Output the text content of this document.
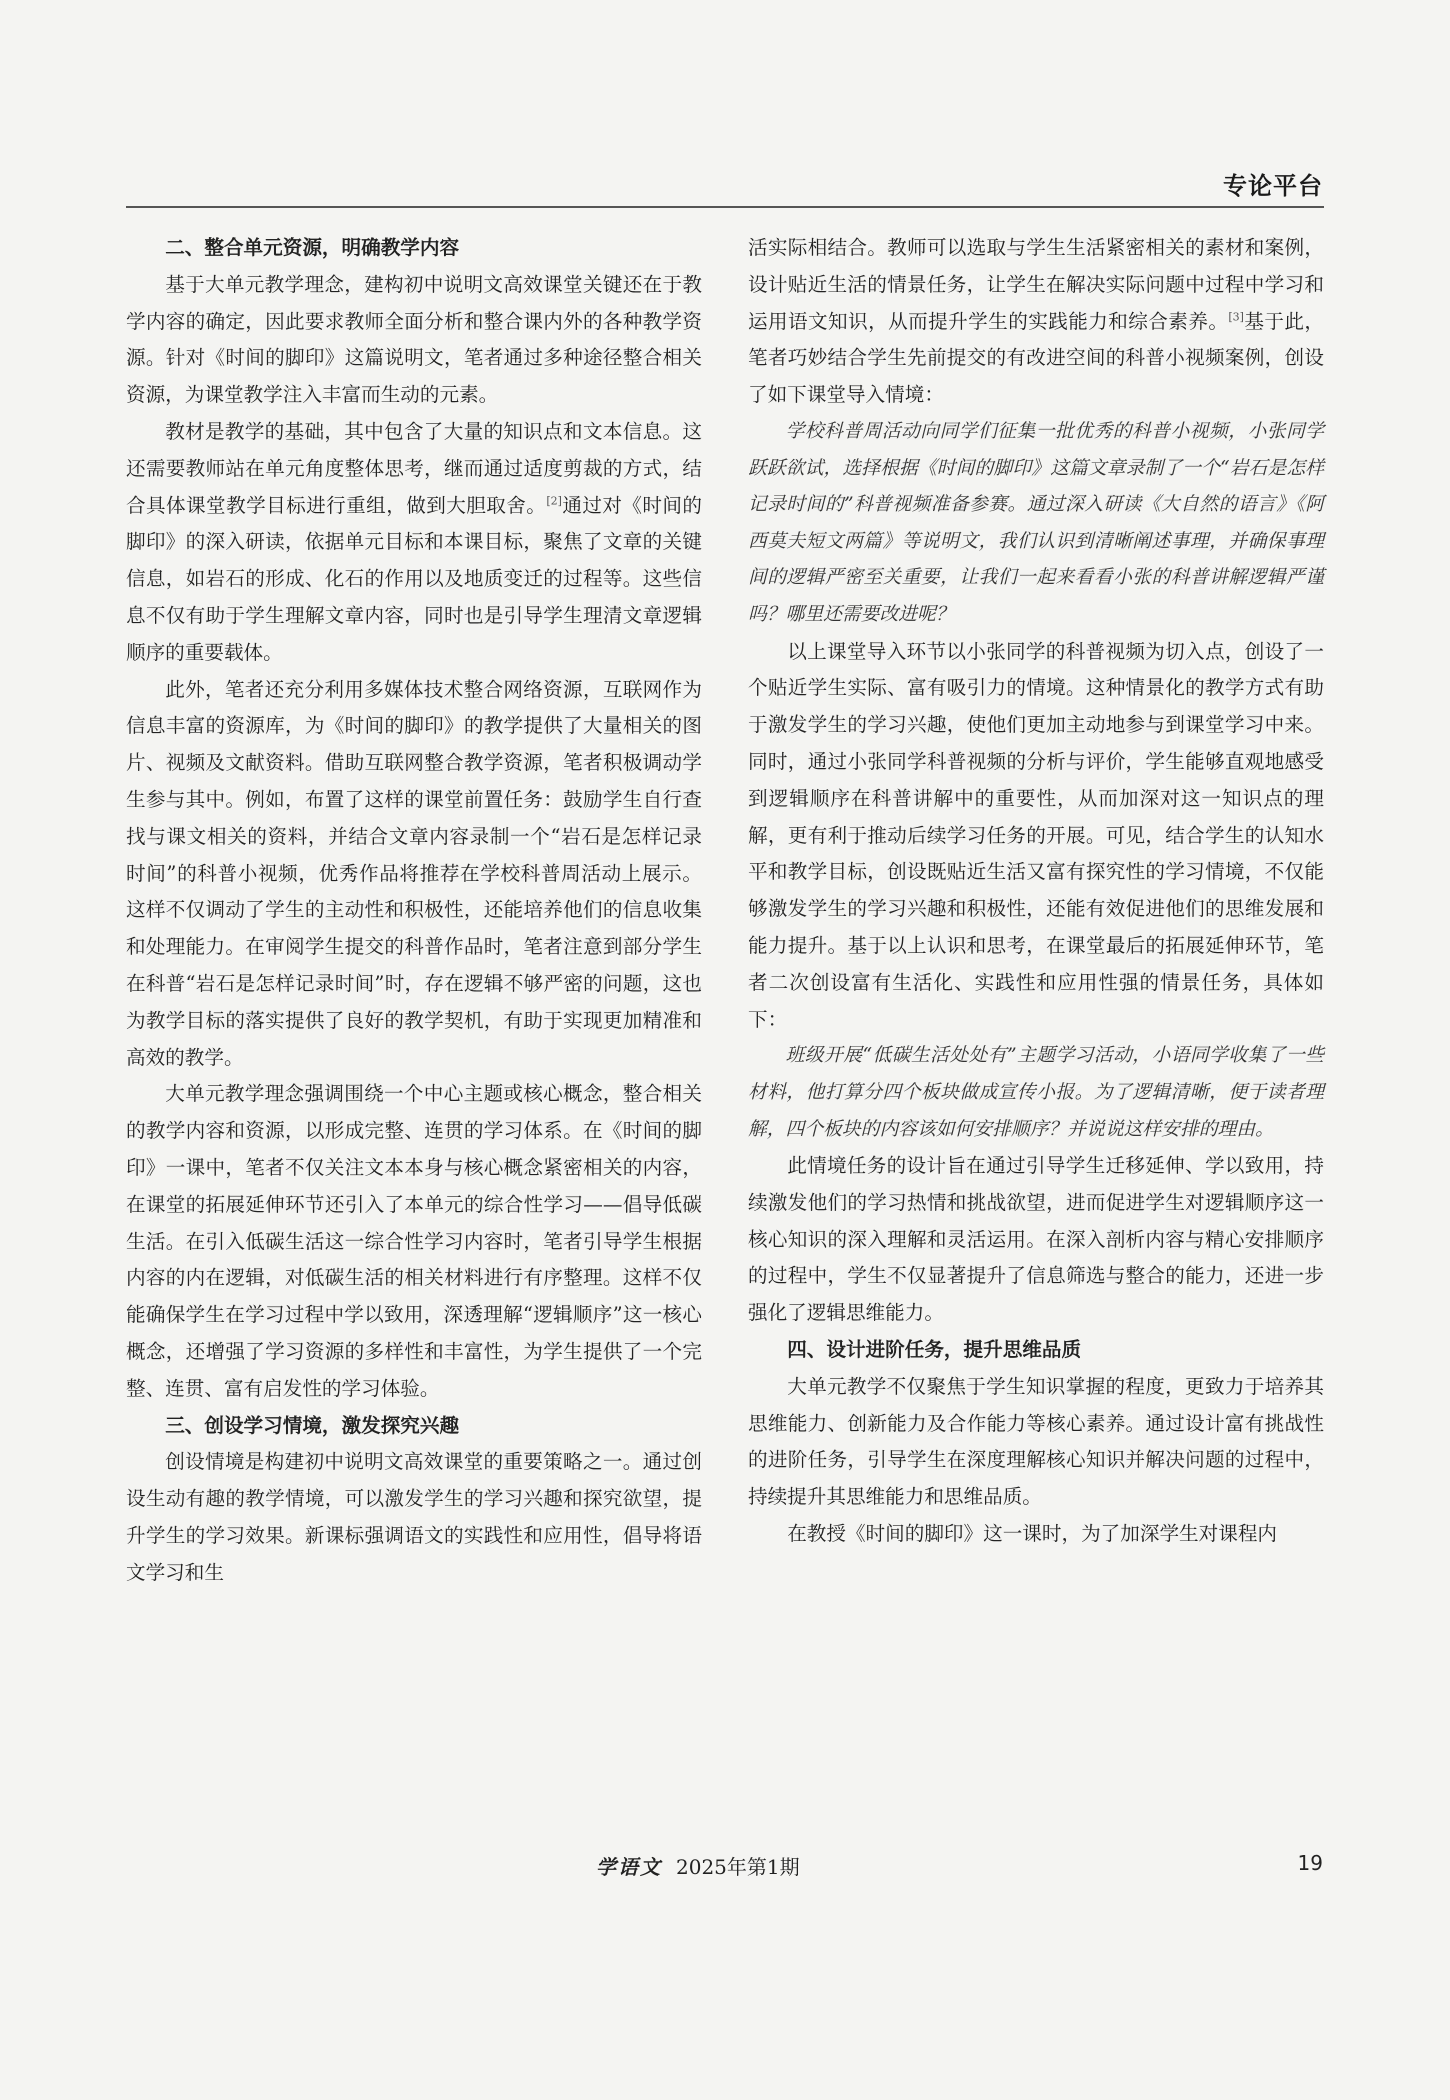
专论平台
二、整合单元资源，明确教学内容

基于大单元教学理念，建构初中说明文高效课堂关键还在于教学内容的确定，因此要求教师全面分析和整合课内外的各种教学资源。针对《时间的脚印》这篇说明文，笔者通过多种途径整合相关资源，为课堂教学注入丰富而生动的元素。

教材是教学的基础，其中包含了大量的知识点和文本信息。这还需要教师站在单元角度整体思考，继而通过适度剪裁的方式，结合具体课堂教学目标进行重组，做到大胆取舍。[2]通过对《时间的脚印》的深入研读，依据单元目标和本课目标，聚焦了文章的关键信息，如岩石的形成、化石的作用以及地质变迁的过程等。这些信息不仅有助于学生理解文章内容，同时也是引导学生理清文章逻辑顺序的重要载体。

此外，笔者还充分利用多媒体技术整合网络资源，互联网作为信息丰富的资源库，为《时间的脚印》的教学提供了大量相关的图片、视频及文献资料。借助互联网整合教学资源，笔者积极调动学生参与其中。例如，布置了这样的课堂前置任务：鼓励学生自行查找与课文相关的资料，并结合文章内容录制一个“岩石是怎样记录时间”的科普小视频，优秀作品将推荐在学校科普周活动上展示。这样不仅调动了学生的主动性和积极性，还能培养他们的信息收集和处理能力。在审阅学生提交的科普作品时，笔者注意到部分学生在科普“岩石是怎样记录时间”时，存在逻辑不够严密的问题，这也为教学目标的落实提供了良好的教学契机，有助于实现更加精准和高效的教学。

大单元教学理念强调围绕一个中心主题或核心概念，整合相关的教学内容和资源，以形成完整、连贯的学习体系。在《时间的脚印》一课中，笔者不仅关注文本本身与核心概念紧密相关的内容，在课堂的拓展延伸环节还引入了本单元的综合性学习——倡导低碳生活。在引入低碳生活这一综合性学习内容时，笔者引导学生根据内容的内在逻辑，对低碳生活的相关材料进行有序整理。这样不仅能确保学生在学习过程中学以致用，深透理解“逻辑顺序”这一核心概念，还增强了学习资源的多样性和丰富性，为学生提供了一个完整、连贯、富有启发性的学习体验。

三、创设学习情境，激发探究兴趣

创设情境是构建初中说明文高效课堂的重要策略之一。通过创设生动有趣的教学情境，可以激发学生的学习兴趣和探究欲望，提升学生的学习效果。新课标强调语文的实践性和应用性，倡导将语文学习和生

活实际相结合。教师可以选取与学生生活紧密相关的素材和案例，设计贴近生活的情景任务，让学生在解决实际问题中过程中学习和运用语文知识，从而提升学生的实践能力和综合素养。[3]基于此，笔者巧妙结合学生先前提交的有改进空间的科普小视频案例，创设了如下课堂导入情境：

学校科普周活动向同学们征集一批优秀的科普小视频，小张同学跃跃欲试，选择根据《时间的脚印》这篇文章录制了一个“岩石是怎样记录时间的”科普视频准备参赛。通过深入研读《大自然的语言》《阿西莫夫短文两篇》等说明文，我们认识到清晰阐述事理，并确保事理间的逻辑严密至关重要，让我们一起来看看小张的科普讲解逻辑严谨吗？哪里还需要改进呢？

以上课堂导入环节以小张同学的科普视频为切入点，创设了一个贴近学生实际、富有吸引力的情境。这种情景化的教学方式有助于激发学生的学习兴趣，使他们更加主动地参与到课堂学习中来。同时，通过小张同学科普视频的分析与评价，学生能够直观地感受到逻辑顺序在科普讲解中的重要性，从而加深对这一知识点的理解，更有利于推动后续学习任务的开展。可见，结合学生的认知水平和教学目标，创设既贴近生活又富有探究性的学习情境，不仅能够激发学生的学习兴趣和积极性，还能有效促进他们的思维发展和能力提升。基于以上认识和思考，在课堂最后的拓展延伸环节，笔者二次创设富有生活化、实践性和应用性强的情景任务，具体如下：

班级开展“低碳生活处处有”主题学习活动，小语同学收集了一些材料，他打算分四个板块做成宣传小报。为了逻辑清晰，便于读者理解，四个板块的内容该如何安排顺序？并说说这样安排的理由。

此情境任务的设计旨在通过引导学生迁移延伸、学以致用，持续激发他们的学习热情和挑战欲望，进而促进学生对逻辑顺序这一核心知识的深入理解和灵活运用。在深入剖析内容与精心安排顺序的过程中，学生不仅显著提升了信息筛选与整合的能力，还进一步强化了逻辑思维能力。

四、设计进阶任务，提升思维品质

大单元教学不仅聚焦于学生知识掌握的程度，更致力于培养其思维能力、创新能力及合作能力等核心素养。通过设计富有挑战性的进阶任务，引导学生在深度理解核心知识并解决问题的过程中，持续提升其思维能力和思维品质。

在教授《时间的脚印》这一课时，为了加深学生对课程内

学语文 2025年第1期	19
